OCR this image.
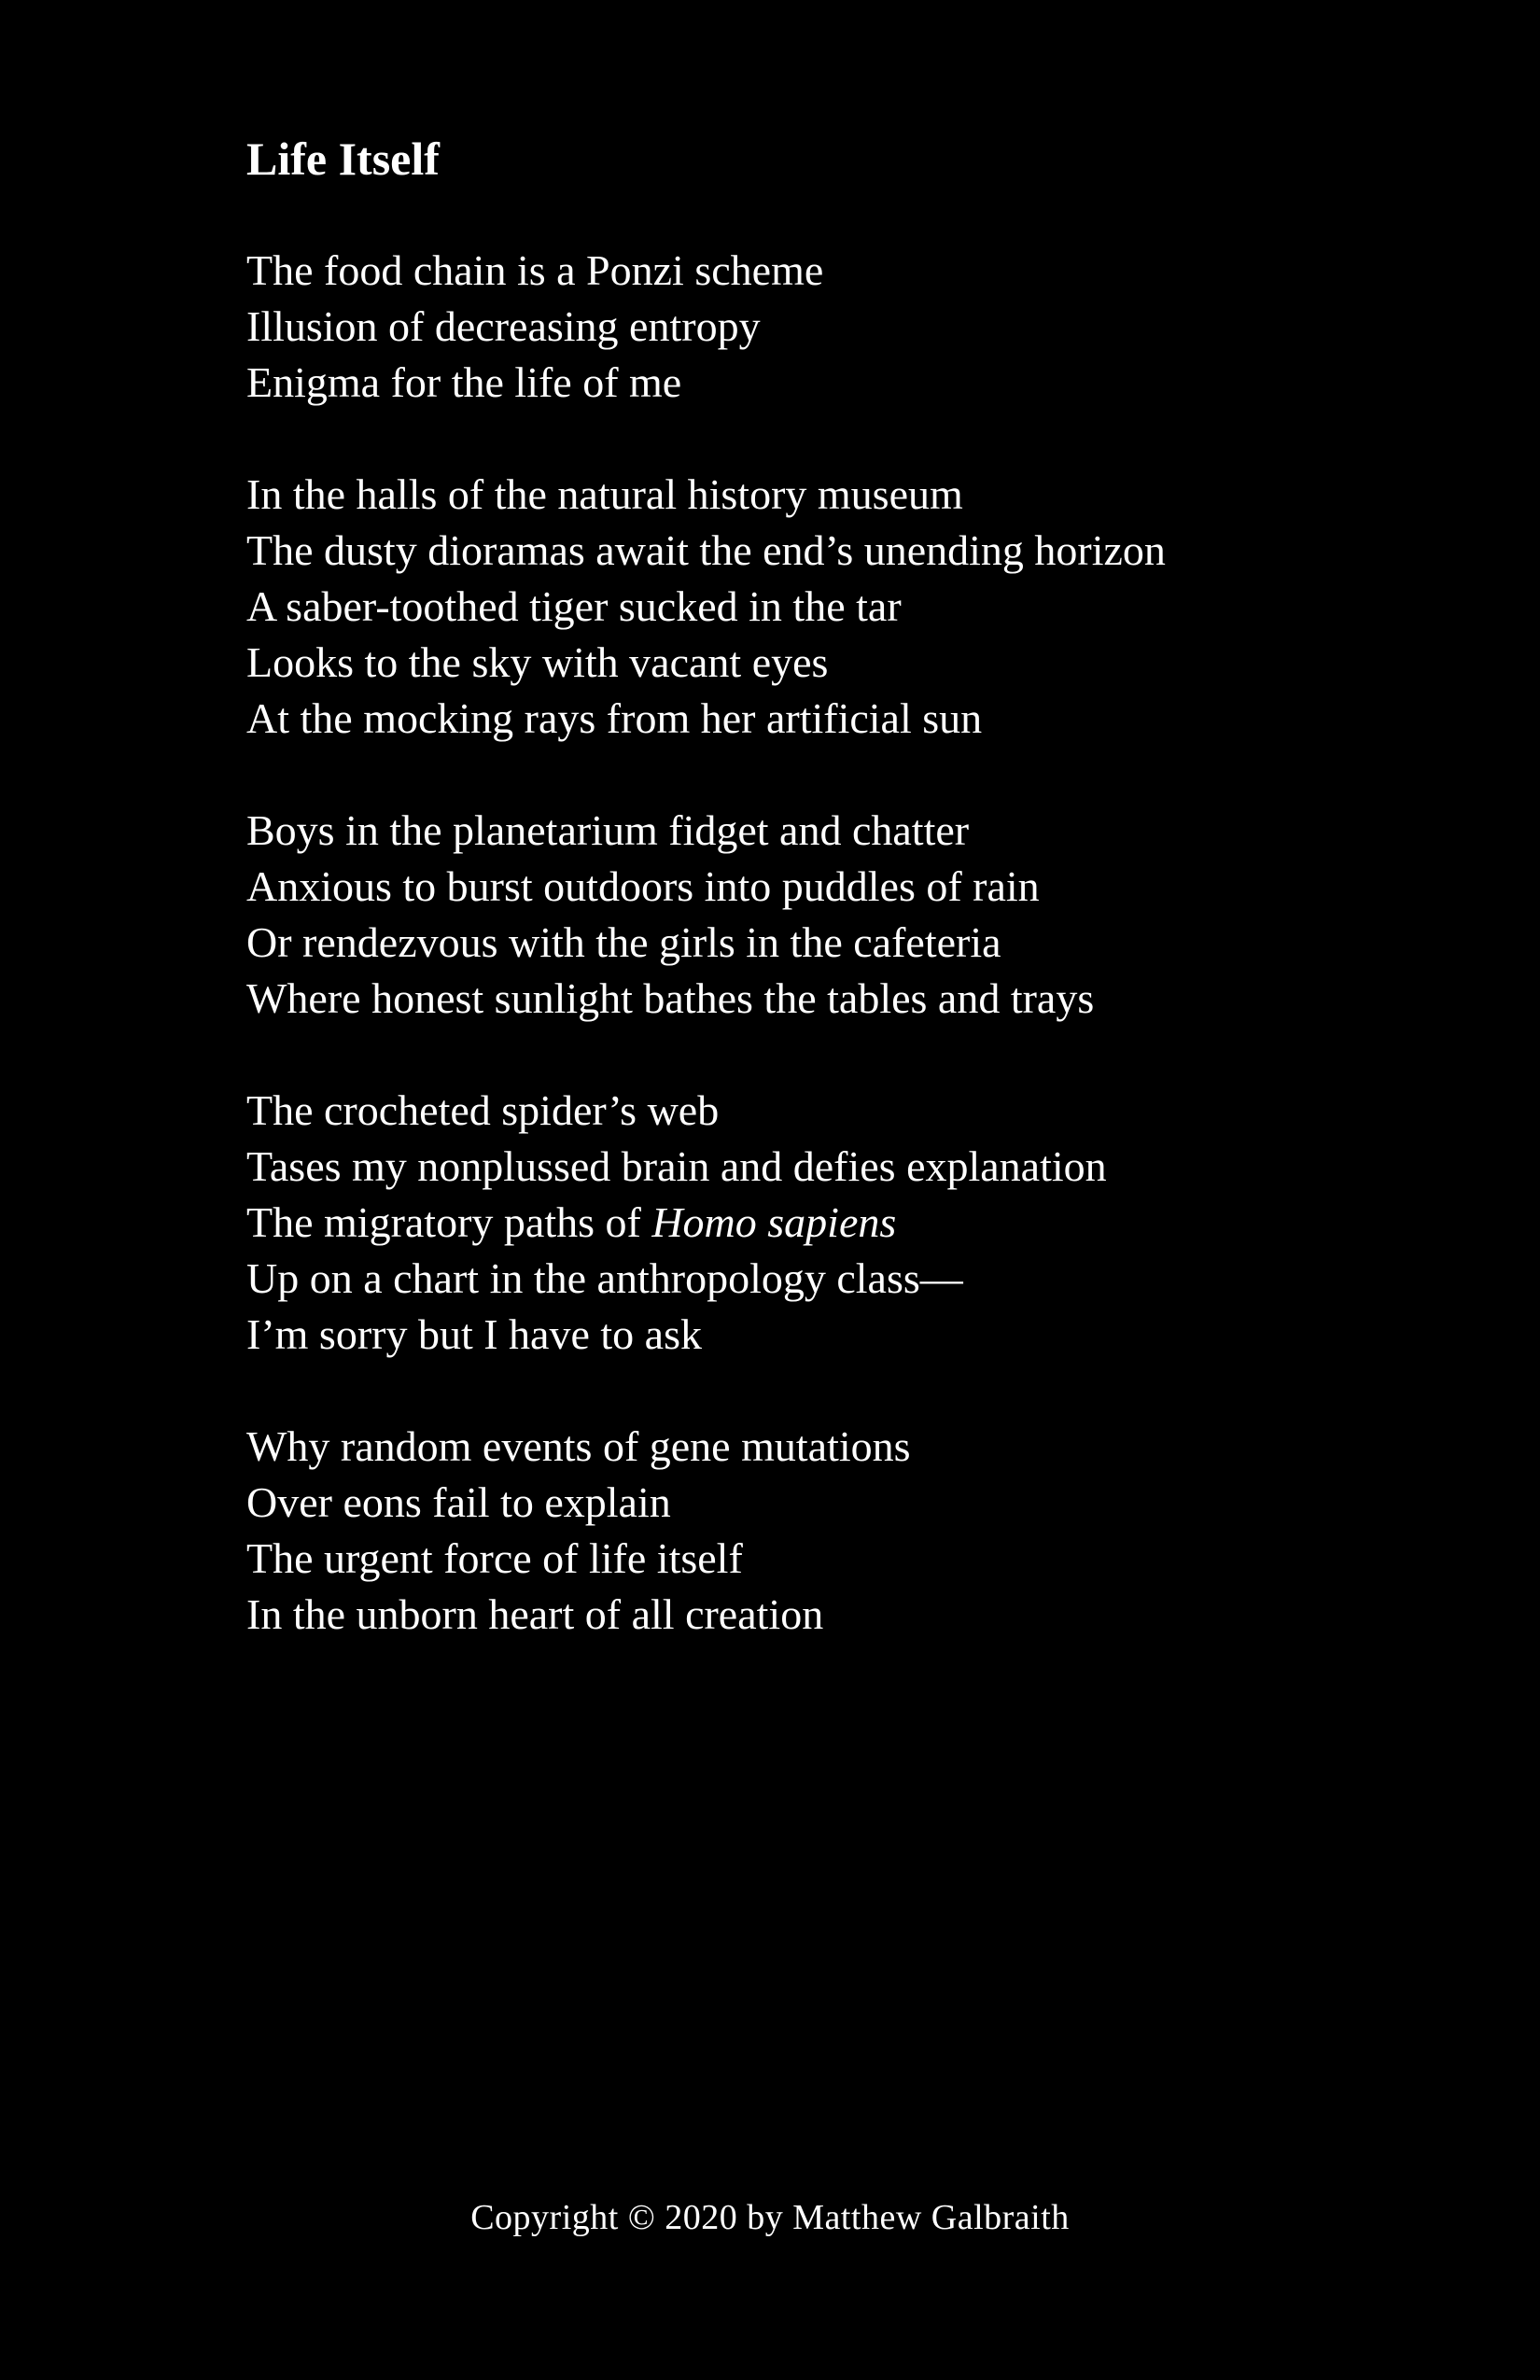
Life Itself
The food chain is a Ponzi scheme
Illusion of decreasing entropy
Enigma for the life of me
In the halls of the natural history museum
The dusty dioramas await the end’s unending horizon
A saber-toothed tiger sucked in the tar
Looks to the sky with vacant eyes
At the mocking rays from her artificial sun
Boys in the planetarium fidget and chatter
Anxious to burst outdoors into puddles of rain
Or rendezvous with the girls in the cafeteria
Where honest sunlight bathes the tables and trays
The crocheted spider’s web
Tases my nonplussed brain and defies explanation
The migratory paths of Homo sapiens
Up on a chart in the anthropology class—
I’m sorry but I have to ask
Why random events of gene mutations
Over eons fail to explain
The urgent force of life itself
In the unborn heart of all creation
Copyright © 2020 by Matthew Galbraith
